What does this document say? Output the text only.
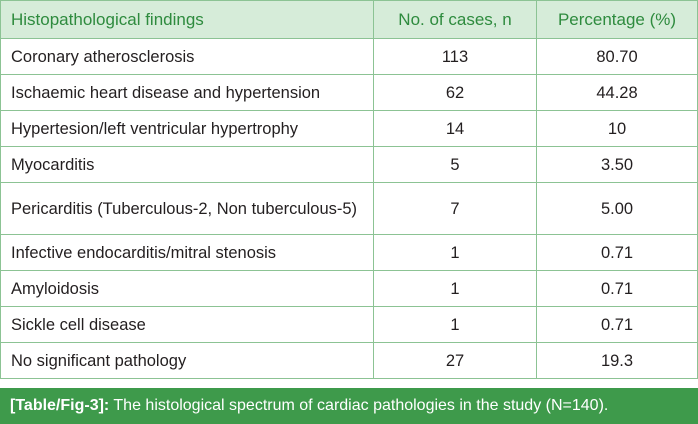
Histopathological findings	No. of cases, n	Percentage (%)
Coronary atherosclerosis	113	80.70
Ischaemic heart disease and hypertension	62	44.28
Hypertesion/left ventricular hypertrophy	14	10
Myocarditis	5	3.50
Pericarditis (Tuberculous-2, Non tuberculous-5)	7	5.00
Infective endocarditis/mitral stenosis	1	0.71
Amyloidosis	1	0.71
Sickle cell disease	1	0.71
No significant pathology	27	19.3
[Table/Fig-3]: The histological spectrum of cardiac pathologies in the study (N=140).
